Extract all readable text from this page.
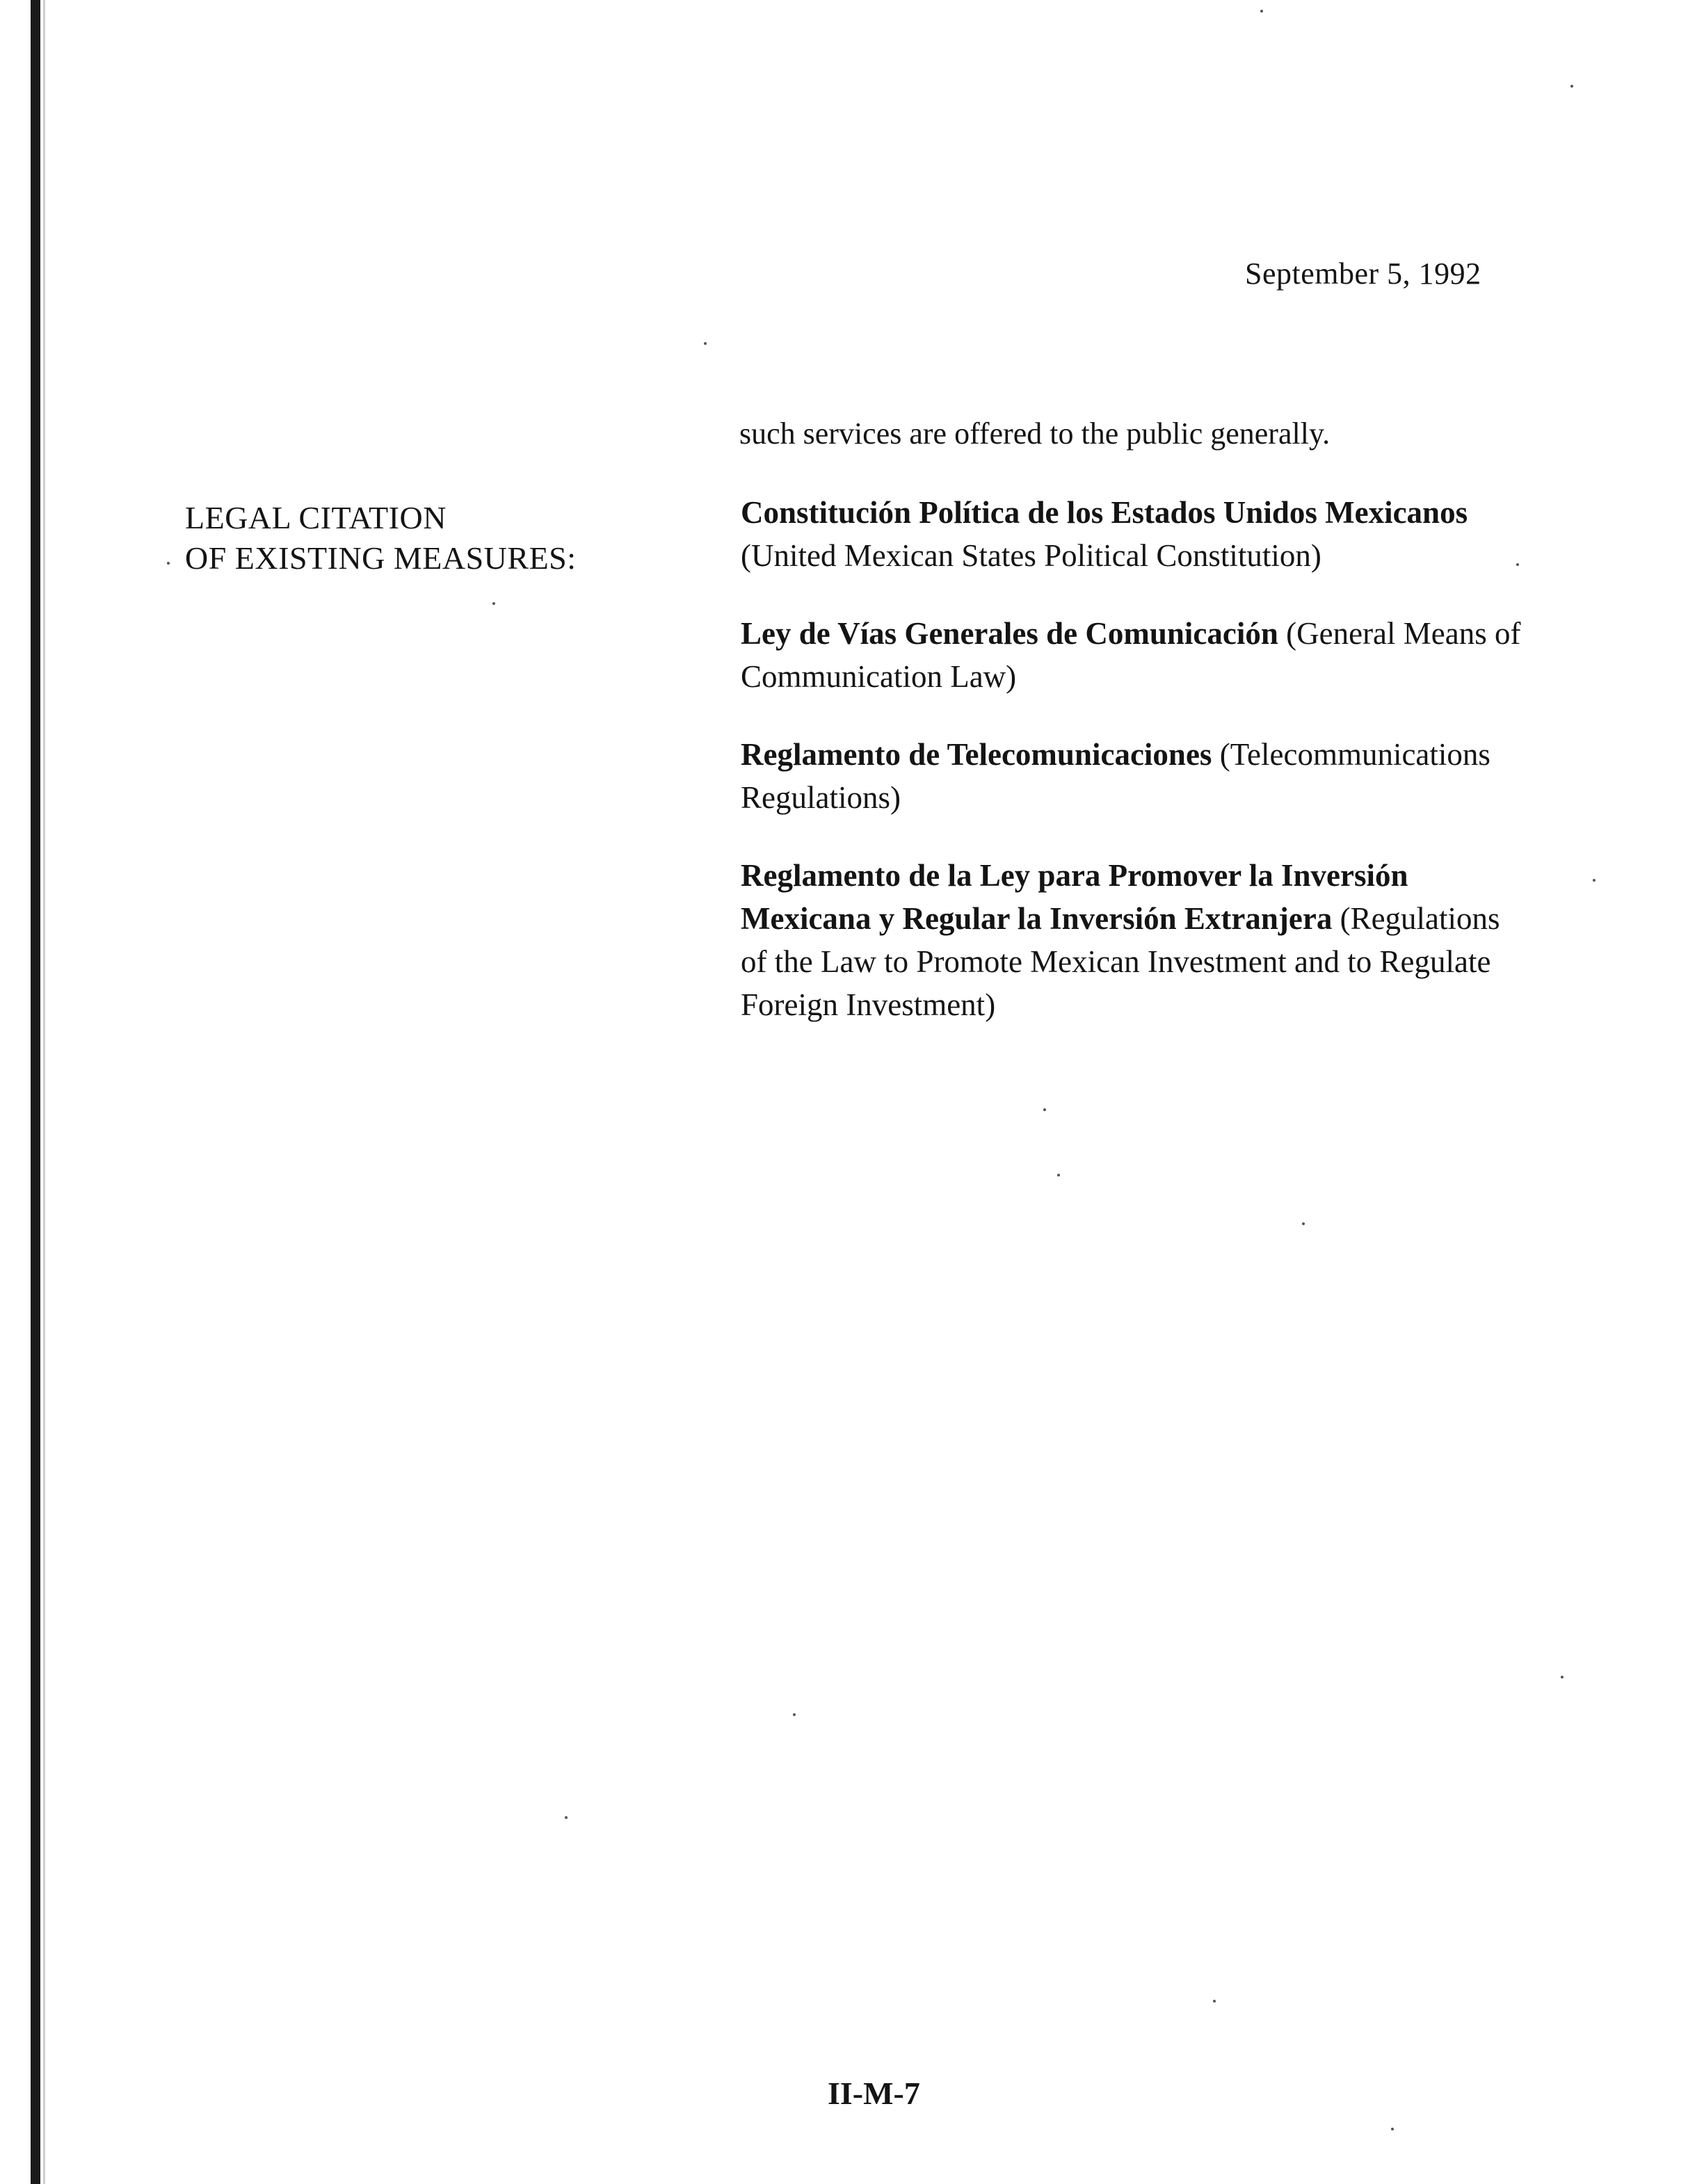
September 5, 1992
such services are offered to the public generally.
LEGAL CITATION
OF EXISTING MEASURES:
Constitución Política de los Estados Unidos Mexicanos (United Mexican States Political Constitution)
Ley de Vías Generales de Comunicación (General Means of Communication Law)
Reglamento de Telecomunicaciones (Telecommunications Regulations)
Reglamento de la Ley para Promover la Inversión Mexicana y Regular la Inversión Extranjera (Regulations of the Law to Promote Mexican Investment and to Regulate Foreign Investment)
II-M-7
